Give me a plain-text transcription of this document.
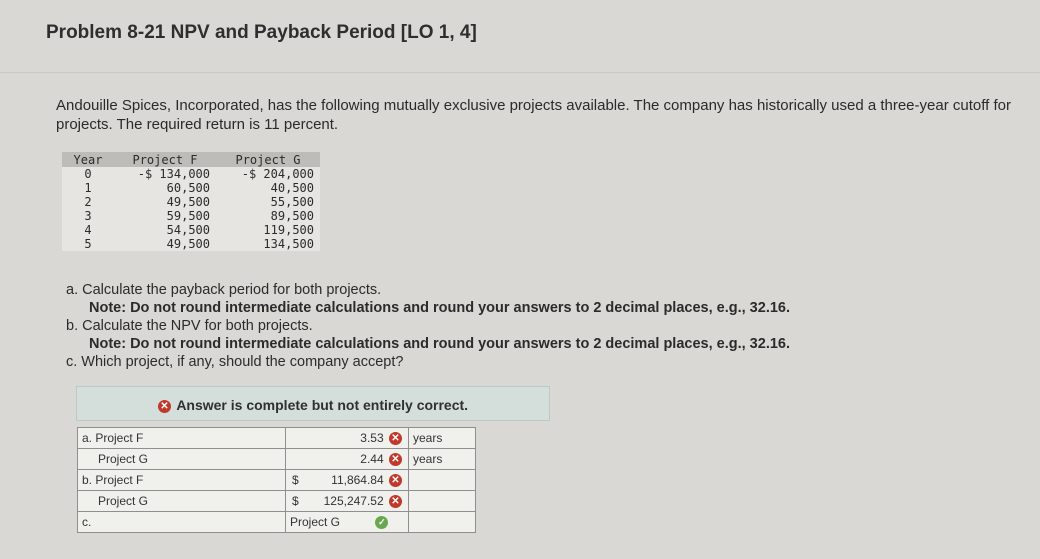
Problem 8-21 NPV and Payback Period [LO 1, 4]
Andouille Spices, Incorporated, has the following mutually exclusive projects available. The company has historically used a three-year cutoff for projects. The required return is 11 percent.
Year	Project F	Project G
0	-$ 134,000	-$ 204,000
1	60,500	40,500
2	49,500	55,500
3	59,500	89,500
4	54,500	119,500
5	49,500	134,500
a. Calculate the payback period for both projects.
Note: Do not round intermediate calculations and round your answers to 2 decimal places, e.g., 32.16.
b. Calculate the NPV for both projects.
Note: Do not round intermediate calculations and round your answers to 2 decimal places, e.g., 32.16.
c. Which project, if any, should the company accept?
✕ Answer is complete but not entirely correct.
a. Project F	3.53 ✕	years
Project G	2.44 ✕	years
b. Project F	$ 11,864.84 ✕	
Project G	$ 125,247.52 ✕	
c.	Project G ✓	
